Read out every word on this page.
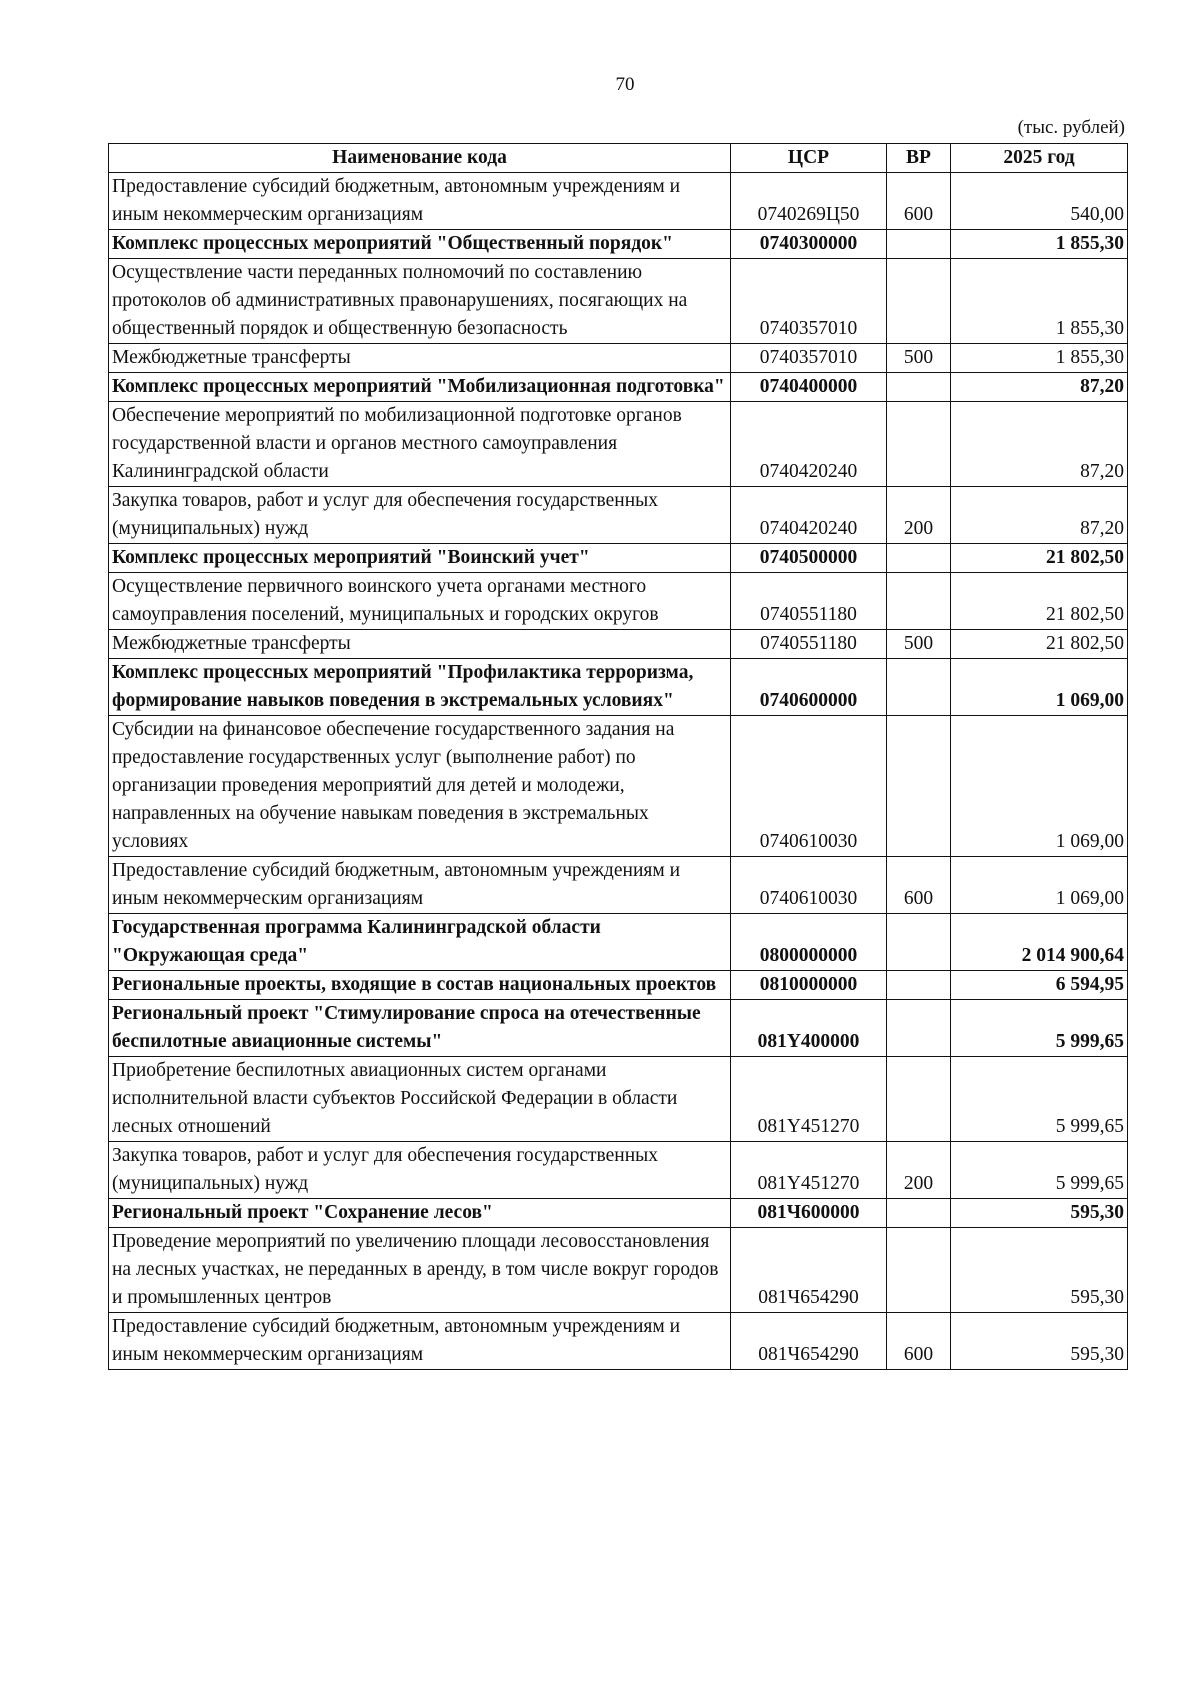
70
(тыс. рублей)
Наименование кода	ЦСР	ВР	2025 год
Предоставление субсидий бюджетным, автономным учреждениям и иным некоммерческим организациям	0740269Ц50	600	540,00
Комплекс процессных мероприятий "Общественный порядок"	0740300000		1 855,30
Осуществление части переданных полномочий по составлению протоколов об административных правонарушениях, посягающих на общественный порядок и общественную безопасность	0740357010		1 855,30
Межбюджетные трансферты	0740357010	500	1 855,30
Комплекс процессных мероприятий "Мобилизационная подготовка"	0740400000		87,20
Обеспечение мероприятий по мобилизационной подготовке органов государственной власти и органов местного самоуправления Калининградской области	0740420240		87,20
Закупка товаров, работ и услуг для обеспечения государственных (муниципальных) нужд	0740420240	200	87,20
Комплекс процессных мероприятий "Воинский учет"	0740500000		21 802,50
Осуществление первичного воинского учета органами местного самоуправления поселений, муниципальных и городских округов	0740551180		21 802,50
Межбюджетные трансферты	0740551180	500	21 802,50
Комплекс процессных мероприятий "Профилактика терроризма, формирование навыков поведения в экстремальных условиях"	0740600000		1 069,00
Субсидии на финансовое обеспечение государственного задания на предоставление государственных услуг (выполнение работ) по организации проведения мероприятий для детей и молодежи, направленных на обучение навыкам поведения в экстремальных условиях	0740610030		1 069,00
Предоставление субсидий бюджетным, автономным учреждениям и иным некоммерческим организациям	0740610030	600	1 069,00
Государственная программа Калининградской области "Окружающая среда"	0800000000		2 014 900,64
Региональные проекты, входящие в состав национальных проектов	0810000000		6 594,95
Региональный проект "Стимулирование спроса на отечественные беспилотные авиационные системы"	081Y400000		5 999,65
Приобретение беспилотных авиационных систем органами исполнительной власти субъектов Российской Федерации в области лесных отношений	081Y451270		5 999,65
Закупка товаров, работ и услуг для обеспечения государственных (муниципальных) нужд	081Y451270	200	5 999,65
Региональный проект "Сохранение лесов"	081Ч600000		595,30
Проведение мероприятий по увеличению площади лесовосстановления на лесных участках, не переданных в аренду, в том числе вокруг городов и промышленных центров	081Ч654290		595,30
Предоставление субсидий бюджетным, автономным учреждениям и иным некоммерческим организациям	081Ч654290	600	595,30
